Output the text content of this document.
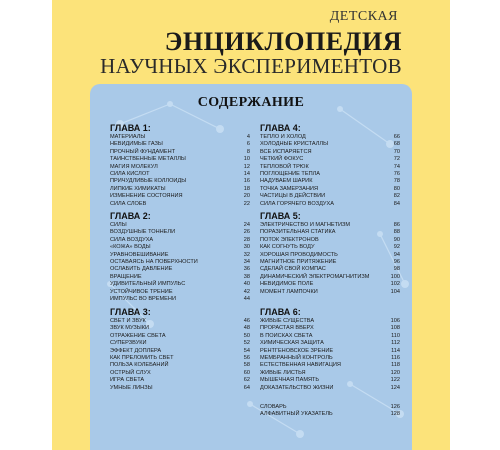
ДЕТСКАЯ
ЭНЦИКЛОПЕДИЯ
НАУЧНЫХ ЭКСПЕРИМЕНТОВ
СОДЕРЖАНИЕ
ГЛАВА 1:
МАТЕРИАЛЫ	4
НЕВИДИМЫЕ ГАЗЫ	6
ПРОЧНЫЙ ФУНДАМЕНТ	8
ТАИНСТВЕННЫЕ МЕТАЛЛЫ	10
МАГИЯ МОЛЕКУЛ	12
СИЛА КИСЛОТ	14
ПРИЧУДЛИВЫЕ КОЛЛОИДЫ	16
ЛИПКИЕ ХИМИКАТЫ	18
ИЗМЕНЕНИЕ СОСТОЯНИЯ	20
СИЛА СЛОЕВ	22
ГЛАВА 2:
СИЛЫ	24
ВОЗДУШНЫЕ ТОННЕЛИ	26
СИЛА ВОЗДУХА	28
«КОЖА» ВОДЫ	30
УРАВНОВЕШИВАНИЕ	32
ОСТАВАЯСЬ НА ПОВЕРХНОСТИ	34
ОСЛАБИТЬ ДАВЛЕНИЕ	36
ВРАЩЕНИЕ	38
УДИВИТЕЛЬНЫЙ ИМПУЛЬС	40
УСТОЙЧИВОЕ ТРЕНИЕ	42
ИМПУЛЬС ВО ВРЕМЕНИ	44
ГЛАВА 3:
СВЕТ И ЗВУК	46
ЗВУК МУЗЫКИ	48
ОТРАЖЕНИЕ СВЕТА	50
СУПЕРЗВУКИ	52
ЭФФЕКТ ДОПЛЕРА	54
КАК ПРЕЛОМИТЬ СВЕТ	56
ПОЛЬЗА КОЛЕБАНИЙ	58
ОСТРЫЙ СЛУХ	60
ИГРА СВЕТА	62
УМНЫЕ ЛИНЗЫ	64
ГЛАВА 4:
ТЕПЛО И ХОЛОД	66
ХОЛОДНЫЕ КРИСТАЛЛЫ	68
ВСЕ ИСПАРЯЕТСЯ	70
ЧЕТКИЙ ФОКУС	72
ТЕПЛОВОЙ ТРЮК	74
ПОГЛОЩЕНИЕ ТЕПЛА	76
НАДУВАЕМ ШАРИК	78
ТОЧКА ЗАМЕРЗАНИЯ	80
ЧАСТИЦЫ В ДЕЙСТВИИ	82
СИЛА ГОРЯЧЕГО ВОЗДУХА	84
ГЛАВА 5:
ЭЛЕКТРИЧЕСТВО И МАГНЕТИЗМ	86
ПОРАЗИТЕЛЬНАЯ СТАТИКА	88
ПОТОК ЭЛЕКТРОНОВ	90
КАК СОГНУТЬ ВОДУ	92
ХОРОШАЯ ПРОВОДИМОСТЬ	94
МАГНИТНОЕ ПРИТЯЖЕНИЕ	96
СДЕЛАЙ СВОЙ КОМПАС	98
ДИНАМИЧЕСКИЙ ЭЛЕКТРОМАГНИТИЗМ	100
НЕВИДИМОЕ ПОЛЕ	102
МОМЕНТ ЛАМПОЧКИ	104
ГЛАВА 6:
ЖИВЫЕ СУЩЕСТВА	106
ПРОРАСТАЯ ВВЕРХ	108
В ПОИСКАХ СВЕТА	110
ХИМИЧЕСКАЯ ЗАЩИТА	112
РЕНТГЕНОВСКОЕ ЗРЕНИЕ	114
МЕМБРАННЫЙ КОНТРОЛЬ	116
ЕСТЕСТВЕННАЯ НАВИГАЦИЯ	118
ЖИВЫЕ ЛИСТЬЯ	120
МЫШЕЧНАЯ ПАМЯТЬ	122
ДОКАЗАТЕЛЬСТВО ЖИЗНИ	124
СЛОВАРЬ	126
АЛФАВИТНЫЙ УКАЗАТЕЛЬ	128
